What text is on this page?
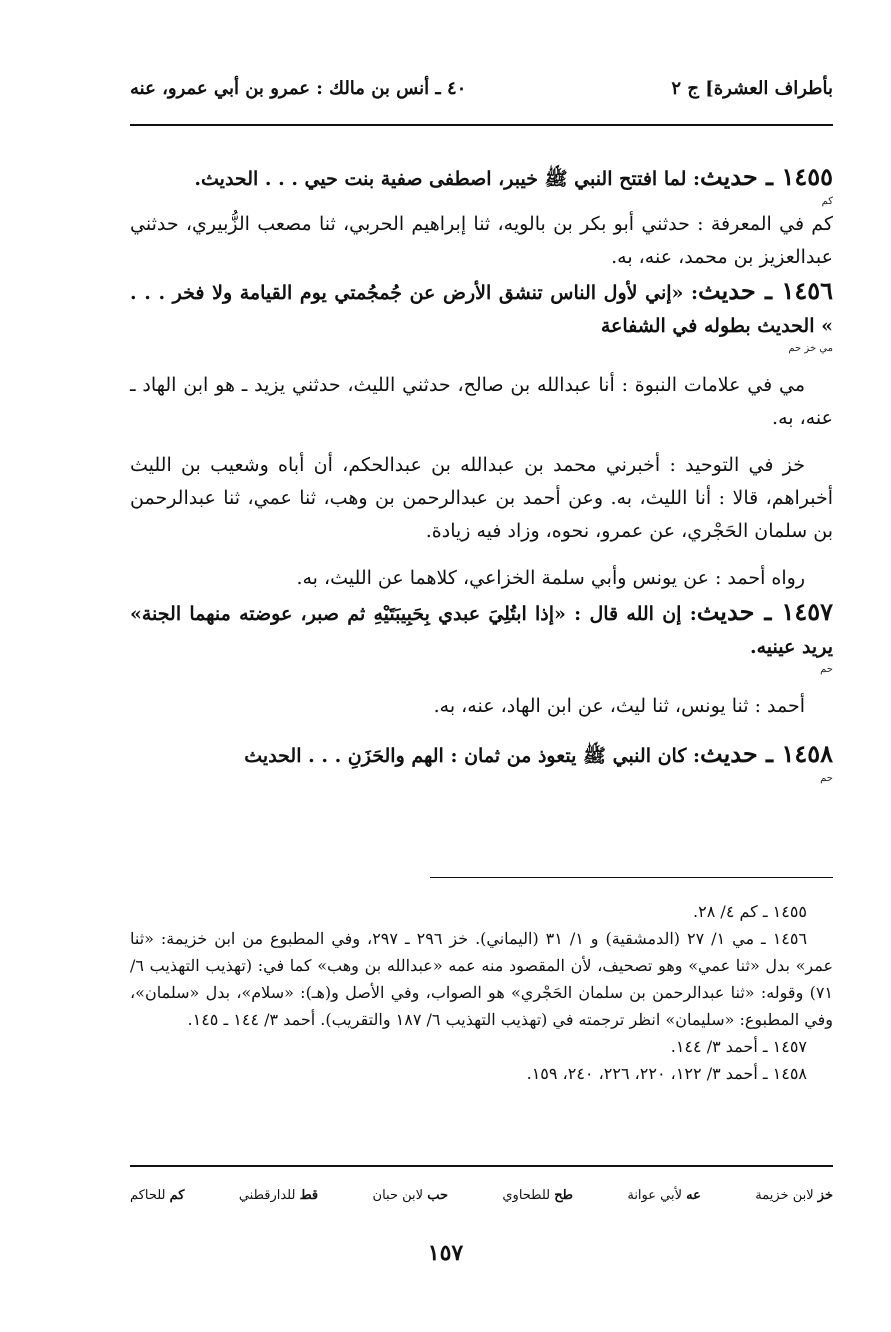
بأطراف العشرة] ج ٢
٤٠ ـ أنس بن مالك : عمرو بن أبي عمرو، عنه

١٤٥٥ ـ حديث: لما افتتح النبي ﷺ خيبر، اصطفى صفية بنت حيي . . . الحديث.

كم

كم في المعرفة : حدثني أبو بكر بن بالويه، ثنا إبراهيم الحربي، ثنا مصعب الزُّبيري، حدثني عبدالعزيز بن محمد، عنه، به.

١٤٥٦ ـ حديث: «إني لأول الناس تنشق الأرض عن جُمجُمتي يوم القيامة ولا فخر . . . » الحديث بطوله في الشفاعة

مي خز حم

مي في علامات النبوة : أنا عبدالله بن صالح، حدثني الليث، حدثني يزيد ـ هو ابن الهاد ـ عنه، به.

خز في التوحيد : أخبرني محمد بن عبدالله بن عبدالحكم، أن أباه وشعيب بن الليث أخبراهم، قالا : أنا الليث، به. وعن أحمد بن عبدالرحمن بن وهب، ثنا عمي، ثنا عبدالرحمن بن سلمان الحَجْري، عن عمرو، نحوه، وزاد فيه زيادة.

رواه أحمد : عن يونس وأبي سلمة الخزاعي، كلاهما عن الليث، به.

١٤٥٧ ـ حديث: إن الله قال : «إذا ابتُلِيَ عبدي بِحَبِيبَتَيْهِ ثم صبر، عوضته منهما الجنة» يريد عينيه.

حم

أحمد : ثنا يونس، ثنا ليث، عن ابن الهاد، عنه، به.

١٤٥٨ ـ حديث: كان النبي ﷺ يتعوذ من ثمان : الهم والحَزَنِ . . . الحديث

حم

١٤٥٥ ـ كم ٤/ ٢٨.

١٤٥٦ ـ مي ١/ ٢٧ (الدمشقية) و ١/ ٣١ (اليماني). خز ٢٩٦ ـ ٢٩٧، وفي المطبوع من ابن خزيمة: «ثنا عمر» بدل «ثنا عمي» وهو تصحيف، لأن المقصود منه عمه «عبدالله بن وهب» كما في: (تهذيب التهذيب ٦/ ٧١) وقوله: «ثنا عبدالرحمن بن سلمان الحَجْري» هو الصواب، وفي الأصل و(هـ): «سلام»، بدل «سلمان»، وفي المطبوع: «سليمان» انظر ترجمته في (تهذيب التهذيب ٦/ ١٨٧ والتقريب). أحمد ٣/ ١٤٤ ـ ١٤٥.

١٤٥٧ ـ أحمد ٣/ ١٤٤.

١٤٥٨ ـ أحمد ٣/ ١٢٢، ٢٢٠، ٢٢٦، ٢٤٠، ١٥٩.

خز لابن خزيمة
عه لأبي عوانة
طح للطحاوي
حب لابن حبان
قط للدارقطني
كم للحاكم
١٥٧
